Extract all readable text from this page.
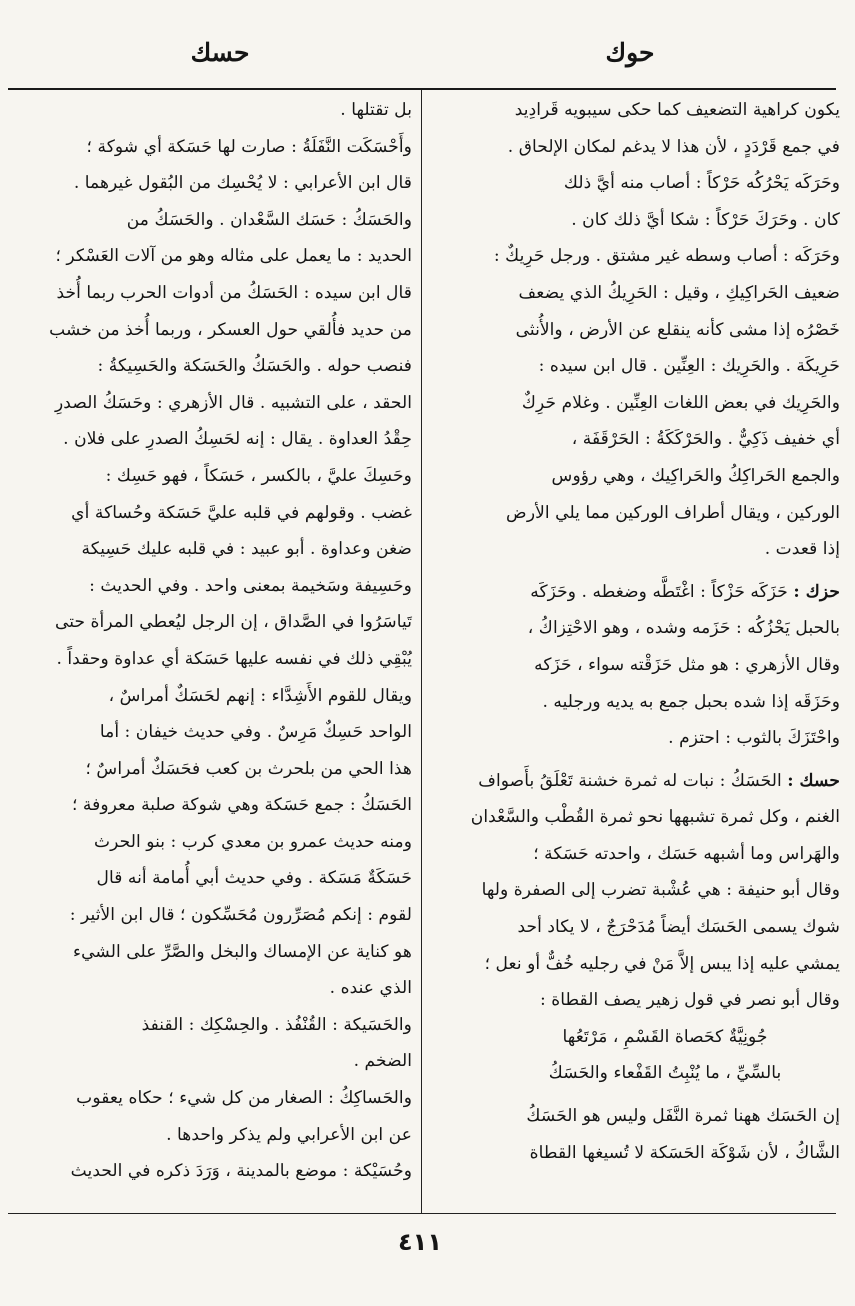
حوك
حسك
يكون كراهية التضعيف كما حكى سيبويه قَرادِيد
في جمع قَرْدَدٍ ، لأن هذا لا يدغم لمكان الإلحاق .
وحَرَكَه يَحْرُكُه حَرْكاً : أصاب منه أيَّ ذلك
كان . وحَرَكَ حَرْكاً : شكا أيَّ ذلك كان .
وحَرَكَه : أصاب وسطه غير مشتق . ورجل حَرِيكٌ :
ضعيف الحَراكِيكِ ، وقيل : الحَرِيكُ الذي يضعف
خَصْرُه إذا مشى كأنه ينقلع عن الأرض ، والأُنثى
حَرِيكَة . والحَرِيك : العِنِّين . قال ابن سيده :
والحَرِيك في بعض اللغات العِنِّين . وغلام حَرِكٌ
أي خفيف ذَكِيٌّ . والحَرْكَكَةُ : الحَرْقَفَة ،
والجمع الحَراكِكُ والحَراكِيك ، وهي رؤوس
الوركين ، ويقال أطراف الوركين مما يلي الأرض
إذا قعدت .
حزك : حَزَكَه حَزْكاً : اغْتَطَّه وضغطه . وحَزَكَه
بالحبل يَحْزُكُه : حَزَمه وشده ، وهو الاحْتِزاكُ ،
وقال الأزهري : هو مثل حَزَقْته سواء ، حَزَكه
وحَزَقَه إذا شده بحبل جمع به يديه ورجليه .
واحْتَزَكَ بالثوب : احتزم .
حسك : الحَسَكُ : نبات له ثمرة خشنة تَعْلَقُ بأَصواف
الغنم ، وكل ثمرة تشبهها نحو ثمرة القُطْب والسَّعْدان
والهَراس وما أشبهه حَسَك ، واحدته حَسَكة ؛
وقال أبو حنيفة : هي عُشْبة تضرب إلى الصفرة ولها
شوك يسمى الحَسَك أيضاً مُدَحْرَجٌ ، لا يكاد أحد
يمشي عليه إذا يبس إلاَّ مَنْ في رجليه خُفٌّ أو نعل ؛
وقال أبو نصر في قول زهير يصف القطاة :
جُونِيَّةٌ كحَصاة القَسْمِ ، مَرْتَعُها
بالسِّيِّ ، ما يُنْبِتُ القَفْعاء والحَسَكُ
إن الحَسَك ههنا ثمرة النَّفَل وليس هو الحَسَكُ
الشَّاكُ ، لأن شَوْكَة الحَسَكة لا تُسيغها القطاة
بل تقتلها .
وأَحْسَكَت النَّفَلَةُ : صارت لها حَسَكة أي شوكة ؛
قال ابن الأعرابي : لا يُحْسِك من البُقول غيرهما .
والحَسَكُ : حَسَك السَّعْدان . والحَسَكُ من
الحديد : ما يعمل على مثاله وهو من آلات العَسْكر ؛
قال ابن سيده : الحَسَكُ من أدوات الحرب ربما أُخذ
من حديد فأُلقي حول العسكر ، وربما أُخذ من خشب
فنصب حوله . والحَسَكُ والحَسَكة والحَسِيكةُ :
الحقد ، على التشبيه . قال الأزهري : وحَسَكُ الصدرِ
حِقْدُ العداوة . يقال : إنه لحَسِكُ الصدرِ على فلان .
وحَسِكَ عليَّ ، بالكسر ، حَسَكاً ، فهو حَسِك :
غضب . وقولهم في قلبه عليَّ حَسَكة وحُساكة أي
ضغن وعداوة . أبو عبيد : في قلبه عليك حَسِيكة
وحَسِيفة وسَخيمة بمعنى واحد . وفي الحديث :
تَياسَرُوا في الصَّداق ، إن الرجل ليُعطي المرأة حتى
يُبْقِي ذلك في نفسه عليها حَسَكة أي عداوة وحقداً .
ويقال للقوم الأَشِدَّاء : إنهم لحَسَكٌ أمراسٌ ،
الواحد حَسِكٌ مَرِسٌ . وفي حديث خيفان : أما
هذا الحي من بلحرث بن كعب فحَسَكٌ أمراسٌ ؛
الحَسَكُ : جمع حَسَكة وهي شوكة صلبة معروفة ؛
ومنه حديث عمرو بن معدي كرب : بنو الحرث
حَسَكَةٌ مَسَكة . وفي حديث أبي أُمامة أنه قال
لقوم : إنكم مُصَرِّرون مُحَسِّكون ؛ قال ابن الأثير :
هو كناية عن الإمساك والبخل والصَّرِّ على الشيء
الذي عنده .
والحَسَيكة : القُنْفُذ . والحِسْكِك : القنفذ
الضخم .
والحَساكِكُ : الصغار من كل شيء ؛ حكاه يعقوب
عن ابن الأعرابي ولم يذكر واحدها .
وحُسَيْكة : موضع بالمدينة ، وَرَدَ ذكره في الحديث
٤١١
